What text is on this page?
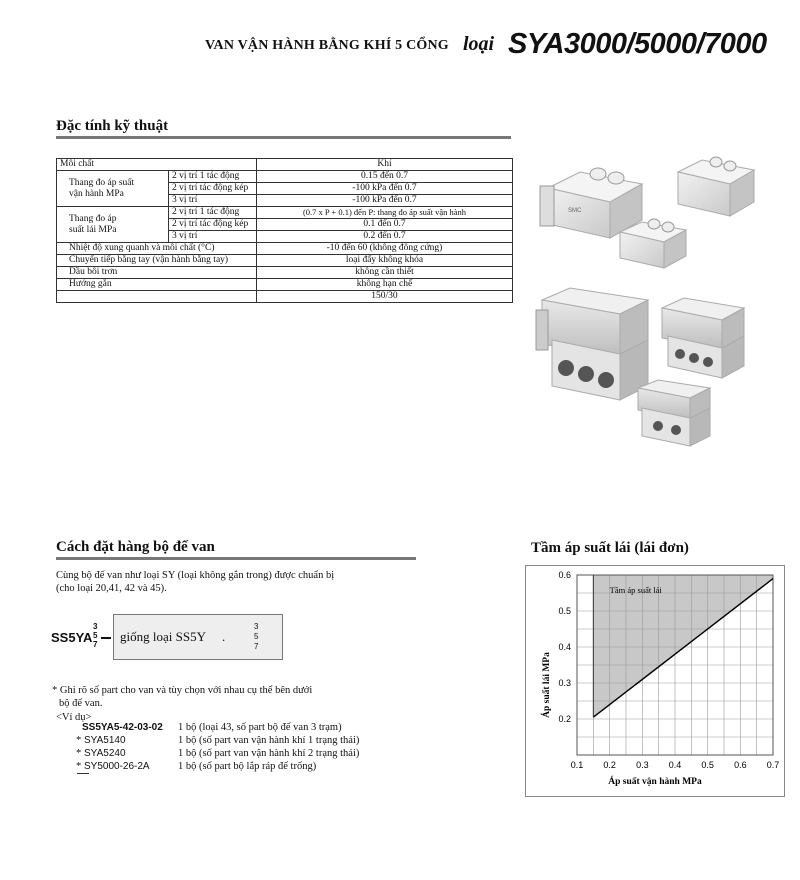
VAN VẬN HÀNH BẰNG KHÍ 5 CỔNG loại SYA3000/5000/7000
Đặc tính kỹ thuật
Môi chất		Khí

Thang đo áp suất
vận hành MPa	2 vị trí 1 tác động	0.15 đến 0.7
	2 vị trí tác động kép	-100 kPa đến 0.7
	3 vị trí	-100 kPa đến 0.7

Thang đo áp
suất lái MPa	2 vị trí 1 tác động	(0.7 x P + 0.1) đến P: thang đo áp suất vận hành
	2 vị trí tác động kép	0.1 đến 0.7
	3 vị trí	0.2 đến 0.7
Nhiệt độ xung quanh và môi chất (°C)		-10 đến 60 (không đông cứng)
Chuyển tiếp bằng tay (vận hành bằng tay)		loại đẩy không khóa
Dầu bôi trơn		không cần thiết
Hướng gắn		không hạn chế
		150/30
SMC
Cách đặt hàng bộ đế van
Cùng bộ đế van như loại SY (loại không gắn trong) được chuẩn bị
(cho loại 20,41, 42 và 45).
SS5YA
3
5
7
giống loại SS5Y .
3
5
7
* Ghi rõ số part cho van và tùy chọn với nhau cụ thể bên dưới
bộ đế van.
<Ví dụ>
SS5YA5-42-03-02	1 bộ (loại 43, số part bộ đế van 3 trạm)
* SYA5140	1 bộ (số part van vận hành khí 1 trạng thái)
* SYA5240	1 bộ (số part van vận hành khí 2 trạng thái)
* SY5000-26-2A	1 bộ (số part bộ lắp ráp đế trống)
Tầm áp suất lái (lái đơn)
0.1 0.2 0.3 0.4 0.5 0.6 0.7
0.2
0.3
0.4
0.5
0.6
Tầm áp suất lái
Áp suất vận hành MPa
Áp suất lái MPa
